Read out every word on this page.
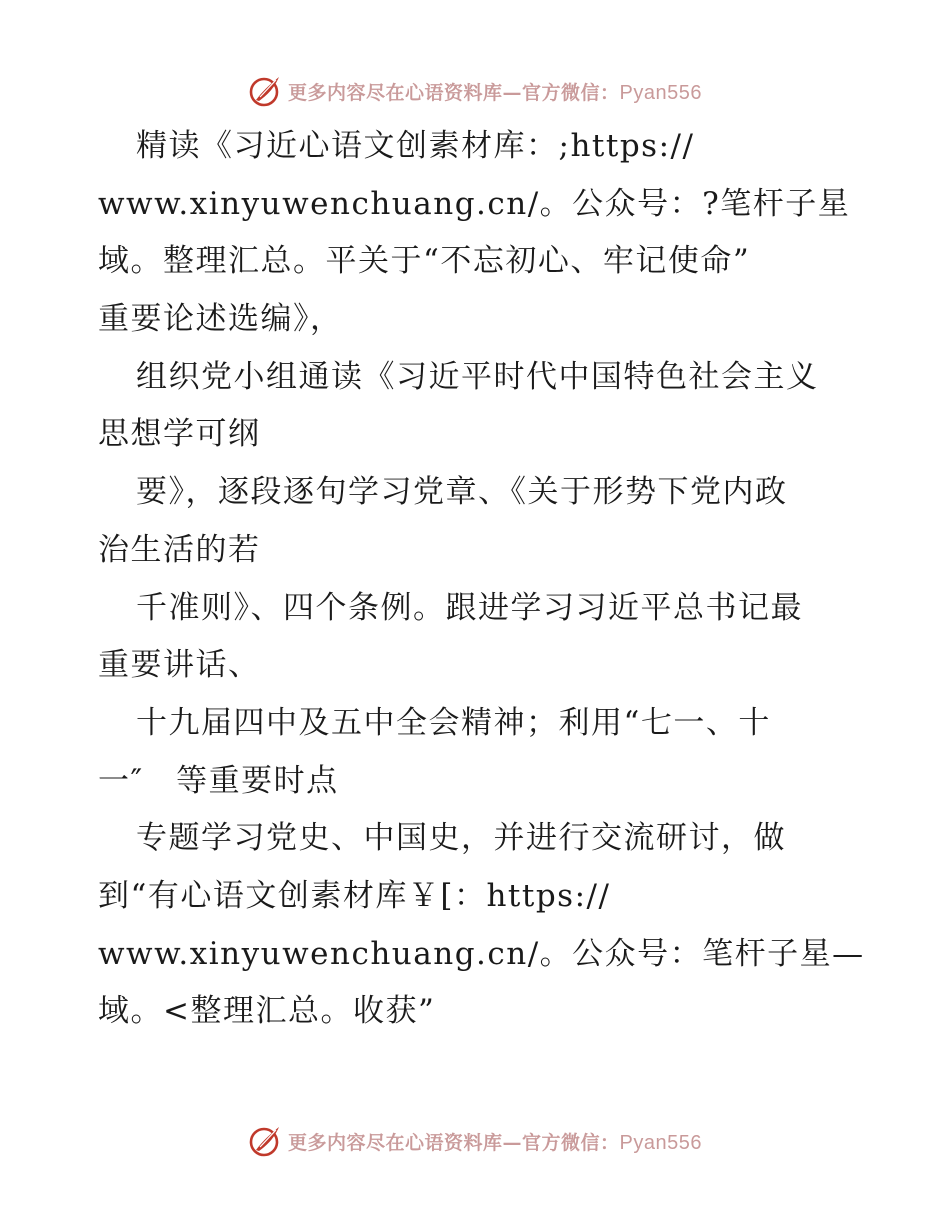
更多内容尽在心语资料库—官方微信：Pyan556
精读《习近心语文创素材库：;https://
www.xinyuwenchuang.cn/。公众号：?笔杆子星
域。整理汇总。平关于“不忘初心、牢记使命”
重要论述选编》，
组织党小组通读《习近平时代中国特色社会主义
思想学可纲
要》，逐段逐句学习党章、《关于形势下党内政
治生活的若
千准则》、四个条例。跟进学习习近平总书记最
重要讲话、
十九届四中及五中全会精神；利用“七一、十
一″　等重要时点
专题学习党史、中国史，并进行交流研讨，做
到“有心语文创素材库￥[：https://
www.xinyuwenchuang.cn/。公众号：笔杆子星—
域。<整理汇总。收获”
更多内容尽在心语资料库—官方微信：Pyan556
